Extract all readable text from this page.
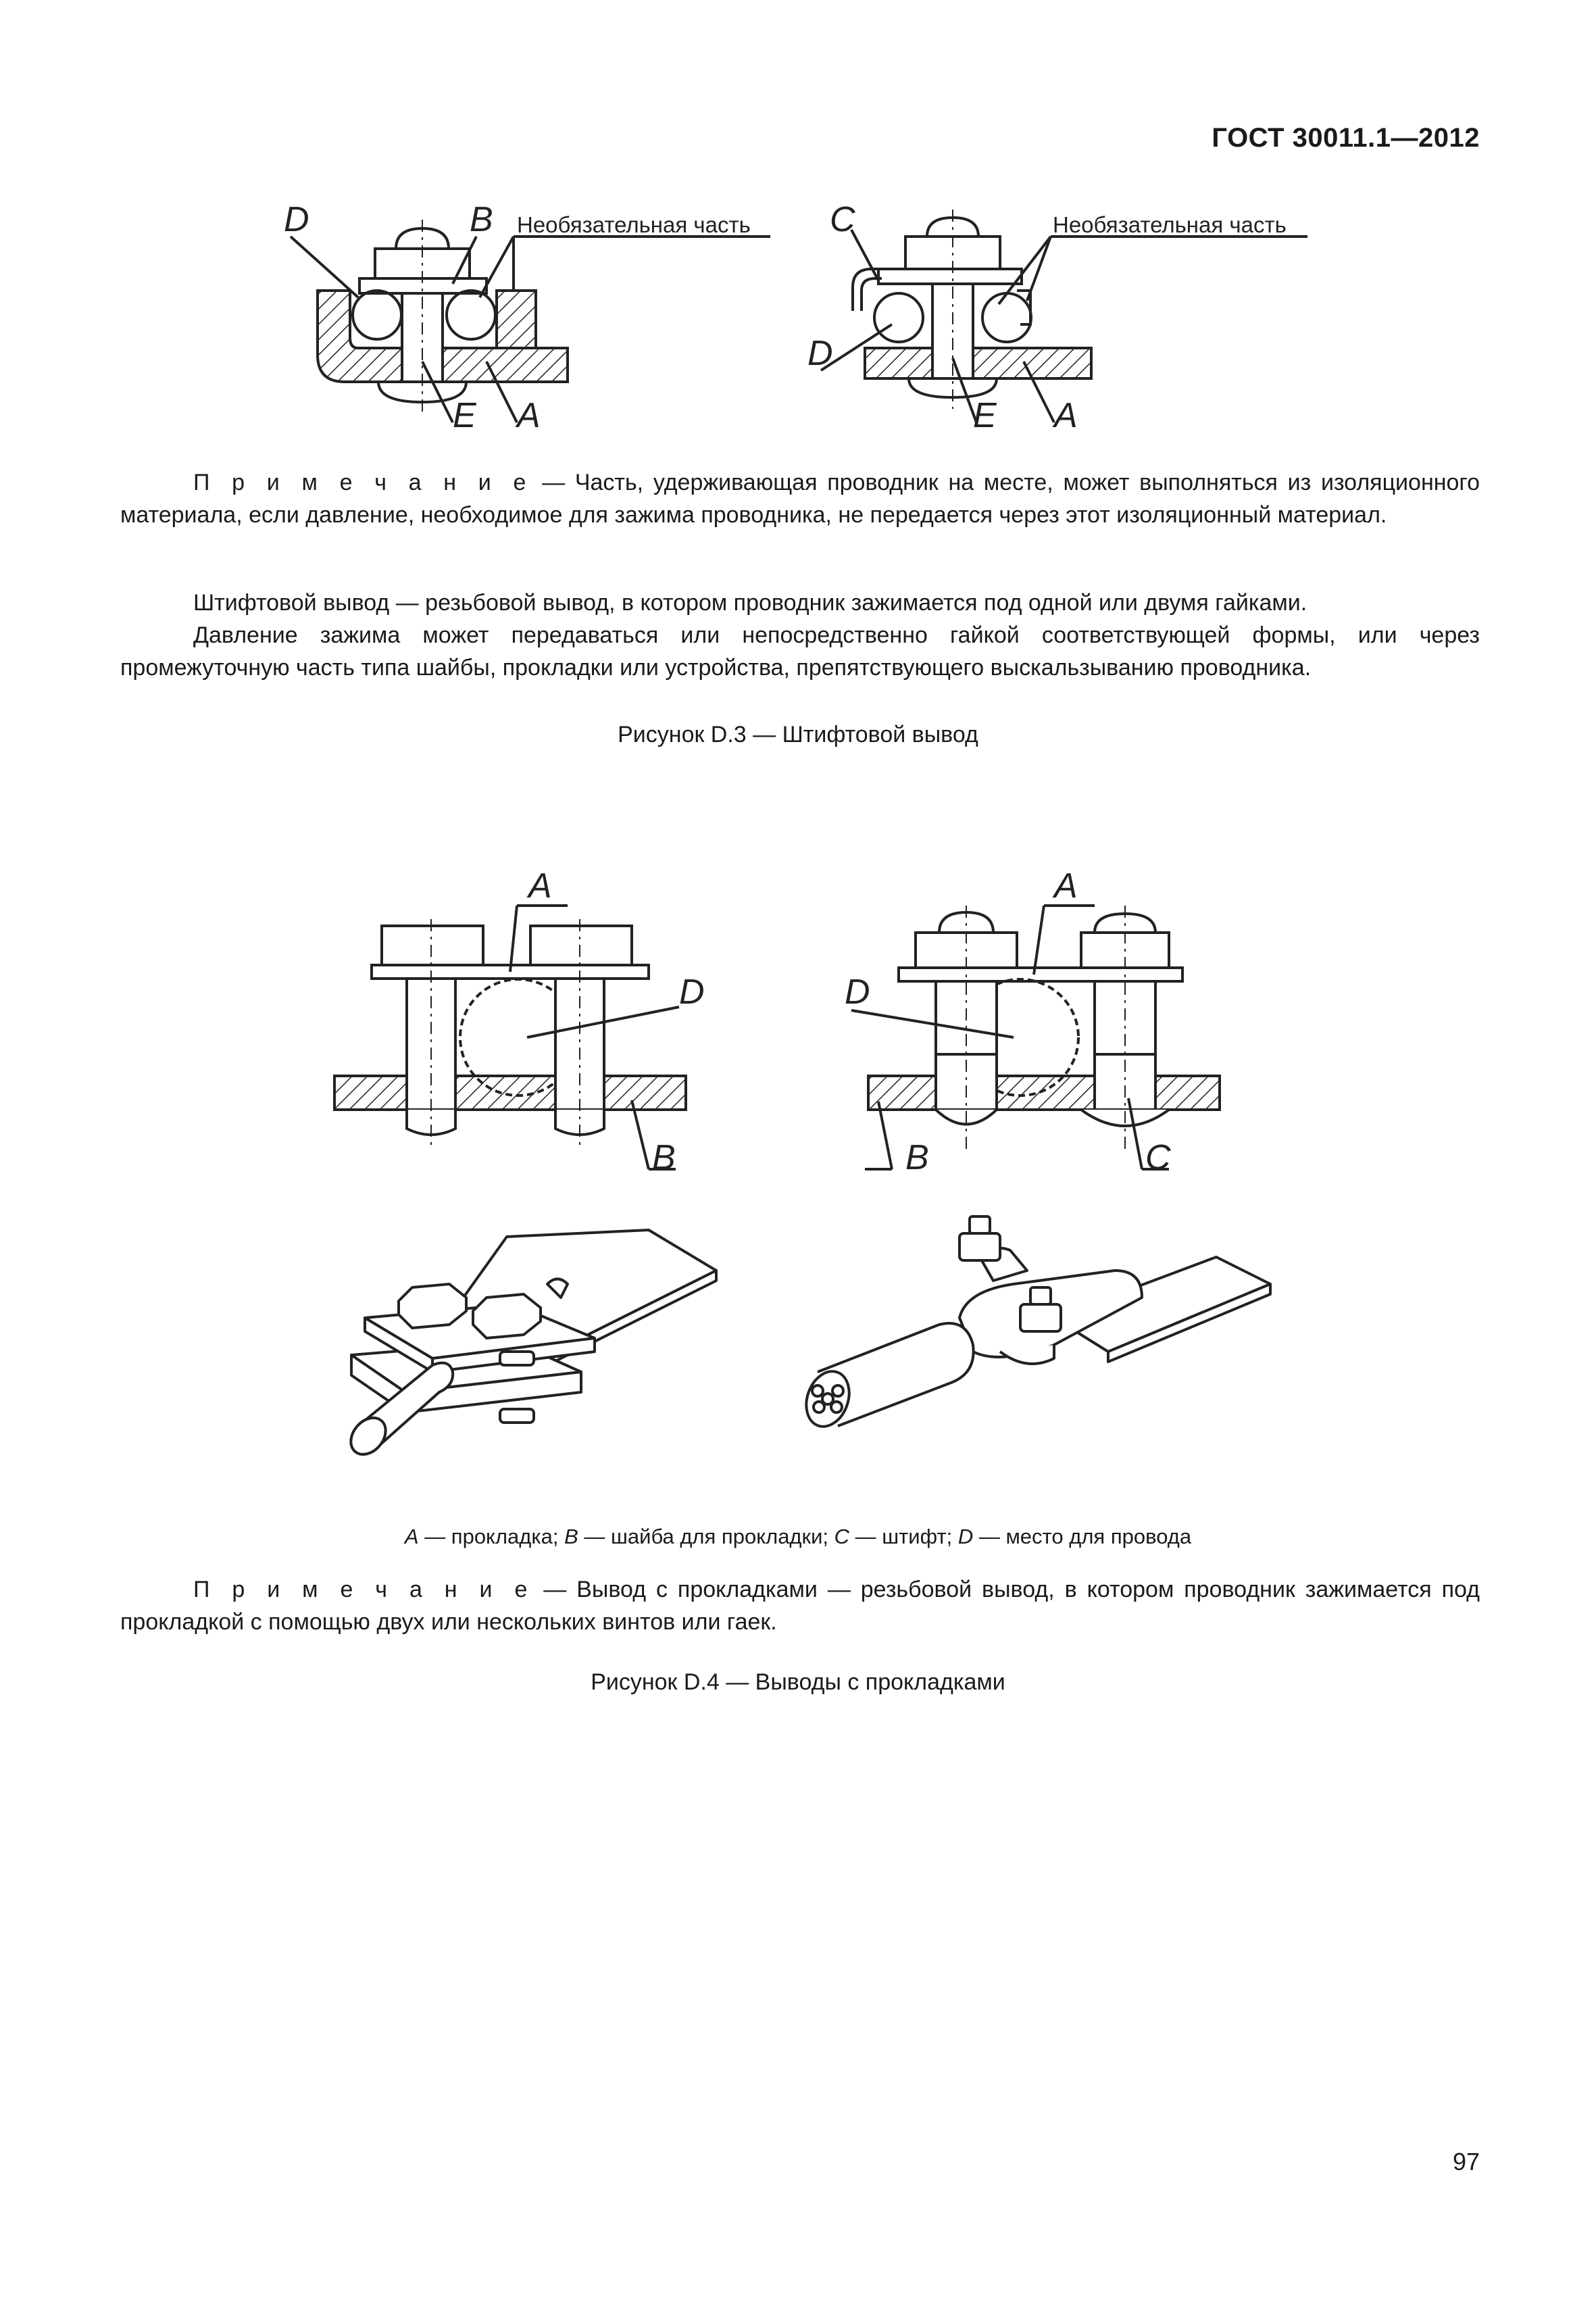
ГОСТ 30011.1—2012
D	B
E A
Необязательная часть C
D
E A
Необязательная часть

П р и м е ч а н и е — Часть, удерживающая проводник на месте, может выполняться из изоляционного материала, если давление, необходимое для зажима проводника, не передается через этот изоляционный материал.

Штифтовой вывод — резьбовой вывод, в котором проводник зажимается под одной или двумя гайками.

Давление зажима может передаваться или непосредственно гайкой соответствующей формы, или через промежуточную часть типа шайбы, прокладки или устройства, препятствующего выскальзыванию проводника.

Рисунок D.3 — Штифтовой вывод
A
D
B
A
D
B	C
A — прокладка; B — шайба для прокладки; C — штифт; D — место для провода

П р и м е ч а н и е — Вывод с прокладками — резьбовой вывод, в котором проводник зажимается под прокладкой с помощью двух или нескольких винтов или гаек.

Рисунок D.4 — Выводы с прокладками
97
